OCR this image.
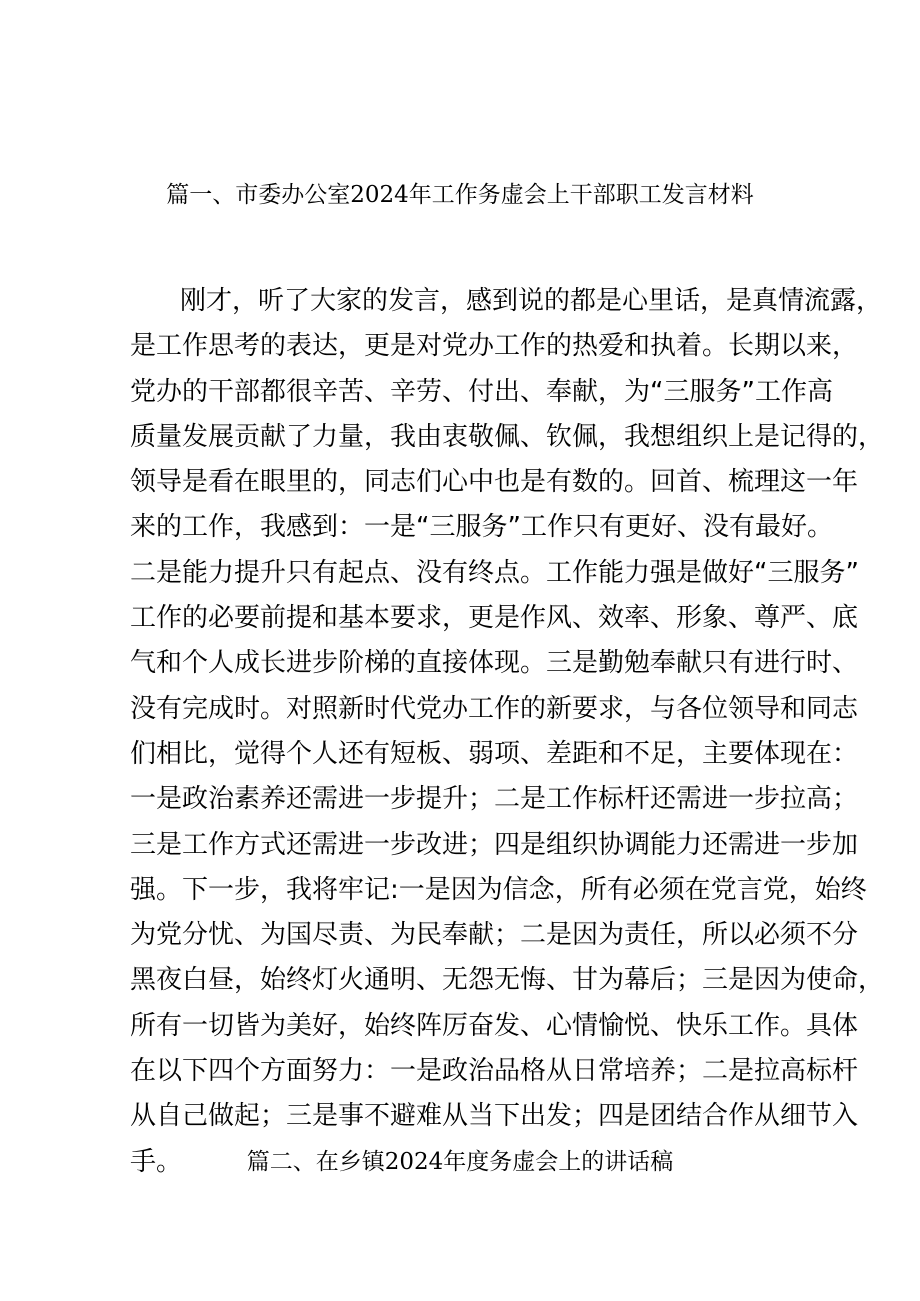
篇一、市委办公室2024年工作务虚会上干部职工发言材料
刚才，听了大家的发言，感到说的都是心里话，是真情流露，
是工作思考的表达，更是对党办工作的热爱和执着。长期以来，
党办的干部都很辛苦、辛劳、付出、奉献，为“三服务”工作高
质量发展贡献了力量，我由衷敬佩、钦佩，我想组织上是记得的，
领导是看在眼里的，同志们心中也是有数的。回首、梳理这一年
来的工作，我感到：一是“三服务”工作只有更好、没有最好。
二是能力提升只有起点、没有终点。工作能力强是做好“三服务”
工作的必要前提和基本要求，更是作风、效率、形象、尊严、底
气和个人成长进步阶梯的直接体现。三是勤勉奉献只有进行时、
没有完成时。对照新时代党办工作的新要求，与各位领导和同志
们相比，觉得个人还有短板、弱项、差距和不足，主要体现在：
一是政治素养还需进一步提升；二是工作标杆还需进一步拉高；
三是工作方式还需进一步改进；四是组织协调能力还需进一步加
强。下一步，我将牢记:一是因为信念，所有必须在党言党，始终
为党分忧、为国尽责、为民奉献；二是因为责任，所以必须不分
黑夜白昼，始终灯火通明、无怨无悔、甘为幕后；三是因为使命，
所有一切皆为美好，始终阵厉奋发、心情愉悦、快乐工作。具体
在以下四个方面努力：一是政治品格从日常培养；二是拉高标杆
从自己做起；三是事不避难从当下出发；四是团结合作从细节入
手。	篇二、在乡镇2024年度务虚会上的讲话稿
